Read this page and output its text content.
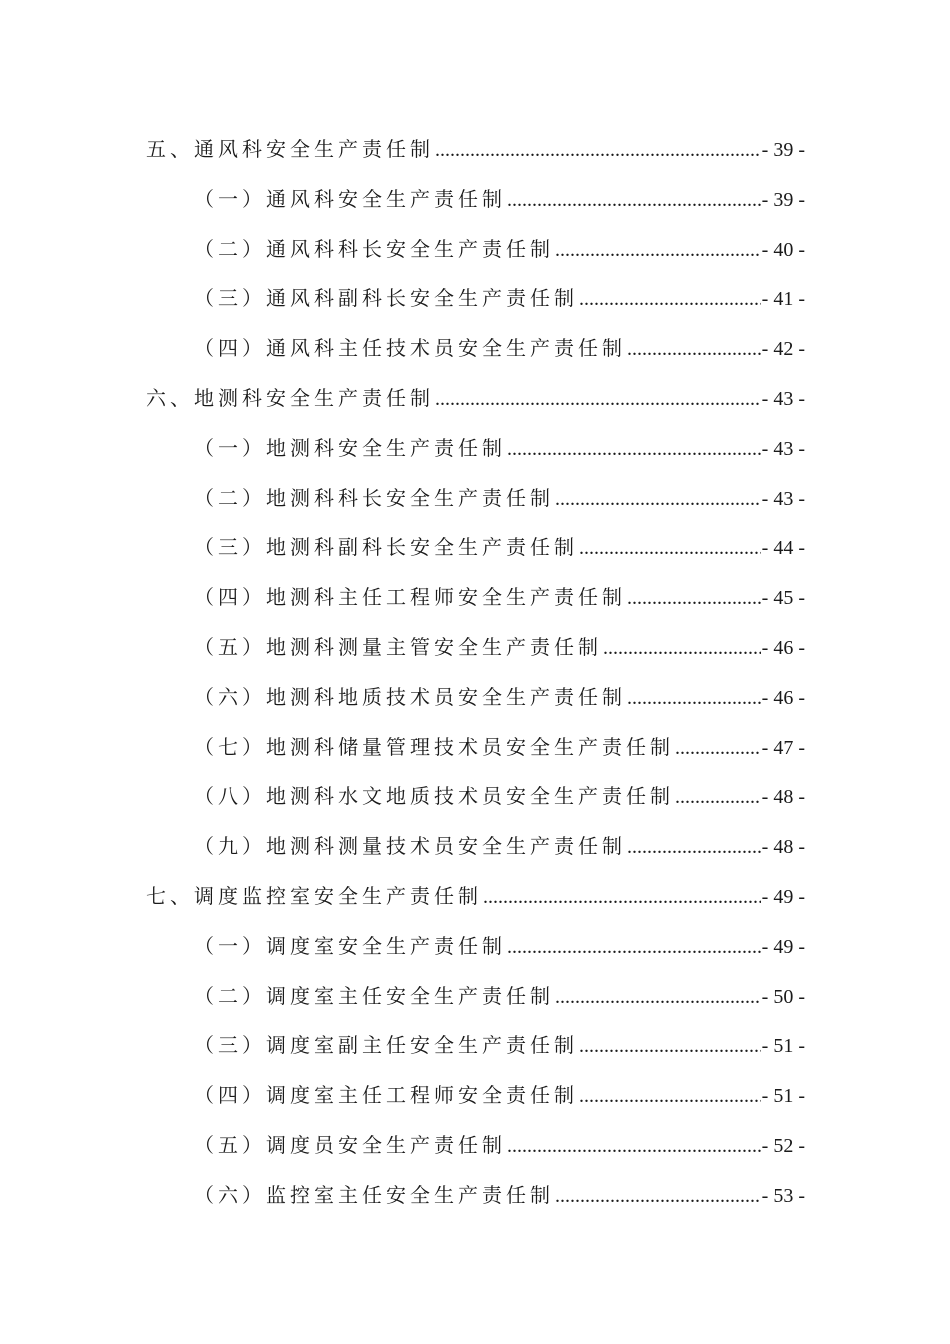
五、通风科安全生产责任制 .....	- 39 -
（一）通风科安全生产责任制 .....	- 39 -
（二）通风科科长安全生产责任制 .....	- 40 -
（三）通风科副科长安全生产责任制 .....	- 41 -
（四）通风科主任技术员安全生产责任制 .....	- 42 -
六、地测科安全生产责任制 .....	- 43 -
（一）地测科安全生产责任制 .....	- 43 -
（二）地测科科长安全生产责任制 .....	- 43 -
（三）地测科副科长安全生产责任制 .....	- 44 -
（四）地测科主任工程师安全生产责任制 .....	- 45 -
（五）地测科测量主管安全生产责任制 .....	- 46 -
（六）地测科地质技术员安全生产责任制 .....	- 46 -
（七）地测科储量管理技术员安全生产责任制 .....	- 47 -
（八）地测科水文地质技术员安全生产责任制 .....	- 48 -
（九）地测科测量技术员安全生产责任制 .....	- 48 -
七、调度监控室安全生产责任制 .....	- 49 -
（一）调度室安全生产责任制 .....	- 49 -
（二）调度室主任安全生产责任制 .....	- 50 -
（三）调度室副主任安全生产责任制 .....	- 51 -
（四）调度室主任工程师安全责任制 .....	- 51 -
（五）调度员安全生产责任制 .....	- 52 -
（六）监控室主任安全生产责任制 .....	- 53 -
